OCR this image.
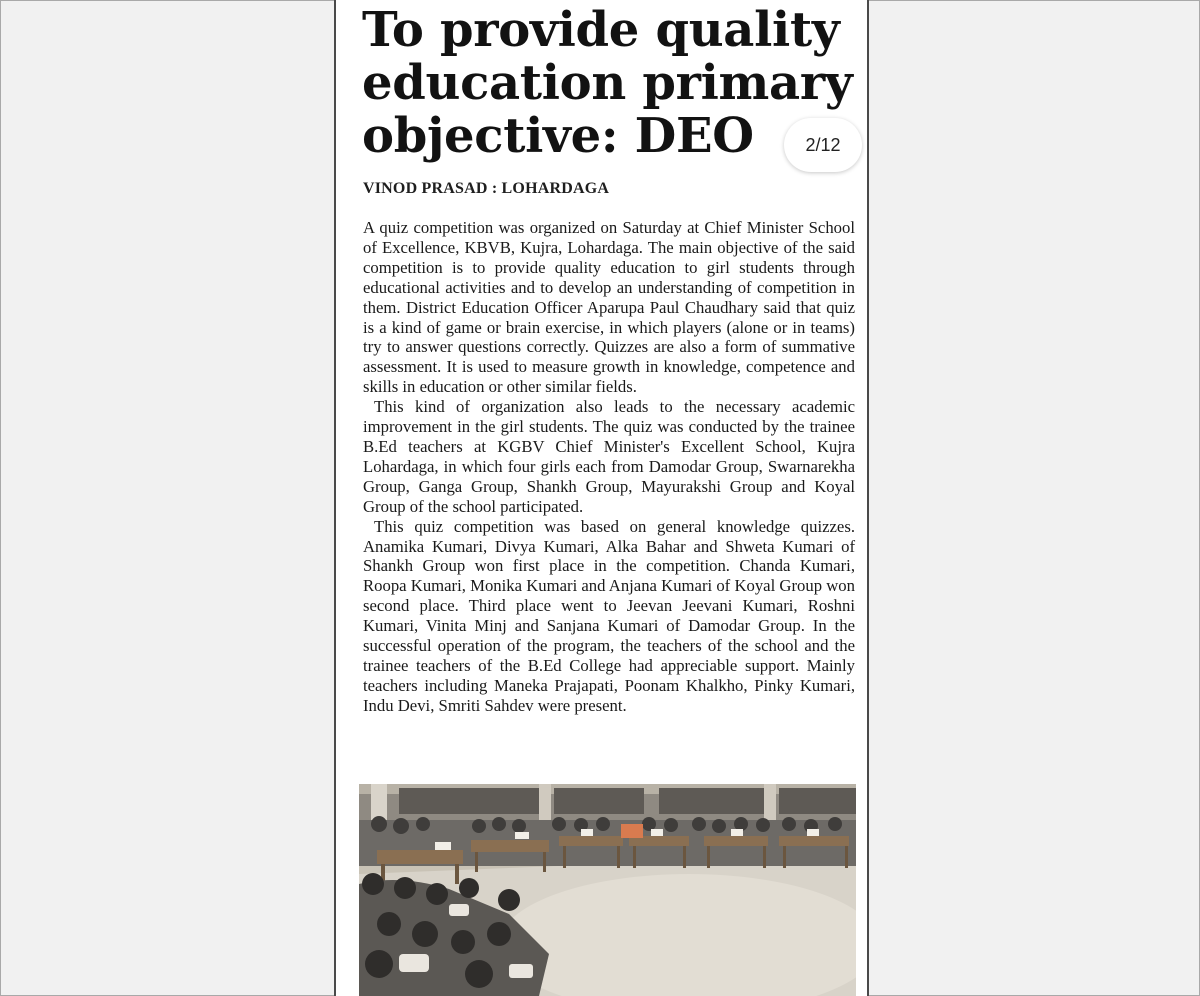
To provide quality education primary objective: DEO

VINOD PRASAD : LOHARDAGA

A quiz competition was organized on Saturday at Chief Minister School of Excellence, KBVB, Kujra, Lohardaga. The main objective of the said competition is to provide quality education to girl students through educational activities and to develop an understanding of competition in them. District Education Officer Aparupa Paul Chaudhary said that quiz is a kind of game or brain exercise, in which players (alone or in teams) try to answer questions correctly. Quizzes are also a form of summative assessment. It is used to measure growth in knowledge, competence and skills in education or other similar fields.

This kind of organization also leads to the necessary academic improvement in the girl students. The quiz was conducted by the trainee B.Ed teachers at KGBV Chief Minister's Excellent School, Kujra Lohardaga, in which four girls each from Damodar Group, Swarnarekha Group, Ganga Group, Shankh Group, Mayurakshi Group and Koyal Group of the school participated.

This quiz competition was based on general knowledge quizzes. Anamika Kumari, Divya Kumari, Alka Bahar and Shweta Kumari of Shankh Group won first place in the competition. Chanda Kumari, Roopa Kumari, Monika Kumari and Anjana Kumari of Koyal Group won second place. Third place went to Jeevan Jeevani Kumari, Roshni Kumari, Vinita Minj and Sanjana Kumari of Damodar Group. In the successful operation of the program, the teachers of the school and the trainee teachers of the B.Ed College had appreciable support. Mainly teachers including Maneka Prajapati, Poonam Khalkho, Pinky Kumari, Indu Devi, Smriti Sahdev were present.

2/12
